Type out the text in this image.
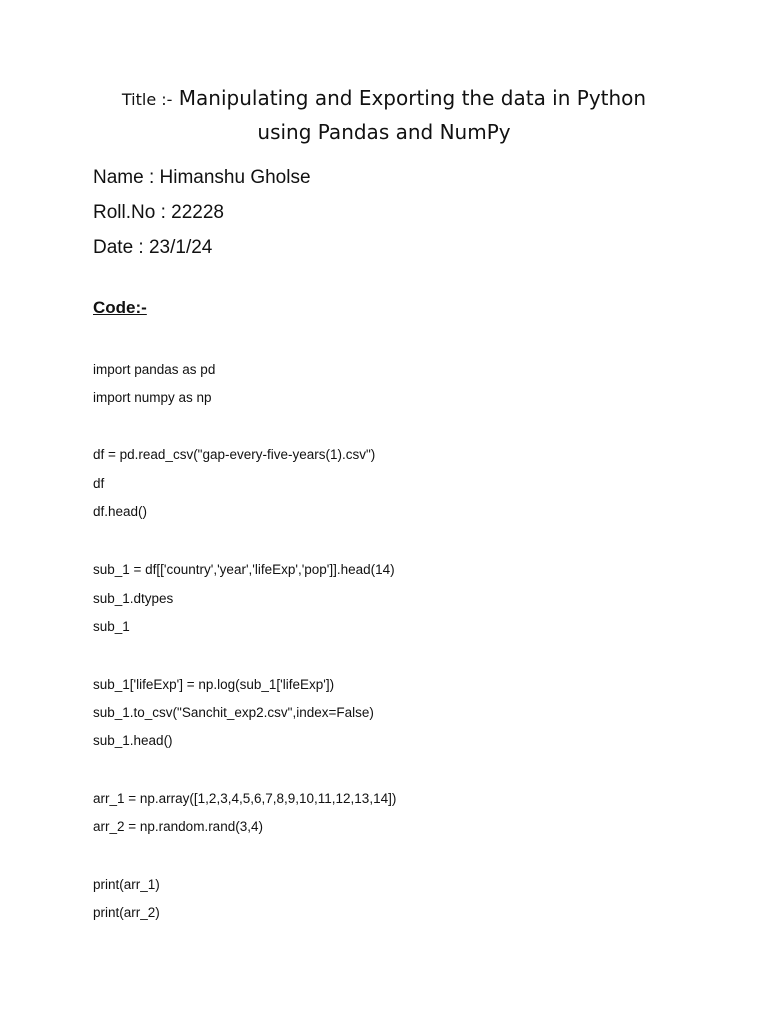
Title :- Manipulating and Exporting the data in Python
using Pandas and NumPy
Name : Himanshu Gholse
Roll.No : 22228
Date : 23/1/24
Code:-
import pandas as pd
import numpy as np
df = pd.read_csv("gap-every-five-years(1).csv")
df
df.head()
sub_1 = df[['country','year','lifeExp','pop']].head(14)
sub_1.dtypes
sub_1
sub_1['lifeExp'] = np.log(sub_1['lifeExp'])
sub_1.to_csv("Sanchit_exp2.csv",index=False)
sub_1.head()
arr_1 = np.array([1,2,3,4,5,6,7,8,9,10,11,12,13,14])
arr_2 = np.random.rand(3,4)
print(arr_1)
print(arr_2)
